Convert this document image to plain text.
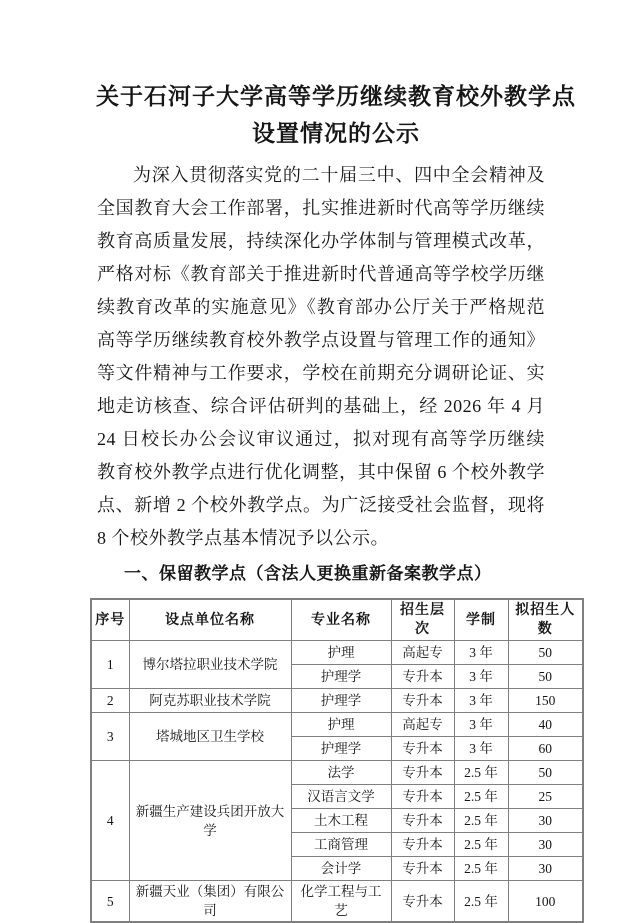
关于石河子大学高等学历继续教育校外教学点
设置情况的公示

为深入贯彻落实党的二十届三中、四中全会精神及全国教育大会工作部署，扎实推进新时代高等学历继续教育高质量发展，持续深化办学体制与管理模式改革，严格对标《教育部关于推进新时代普通高等学校学历继续教育改革的实施意见》《教育部办公厅关于严格规范高等学历继续教育校外教学点设置与管理工作的通知》等文件精神与工作要求，学校在前期充分调研论证、实地走访核查、综合评估研判的基础上，经 2026 年 4 月 24 日校长办公会议审议通过，拟对现有高等学历继续教育校外教学点进行优化调整，其中保留 6 个校外教学点、新增 2 个校外教学点。为广泛接受社会监督，现将 8 个校外教学点基本情况予以公示。

一、保留教学点（含法人更换重新备案教学点）
序号	设点单位名称	专业名称	招生层次	学制	拟招生人数
1	博尔塔拉职业技术学院	护理	高起专	3 年	50
		护理学	专升本	3 年	50
2	阿克苏职业技术学院	护理学	专升本	3 年	150
3	塔城地区卫生学校	护理	高起专	3 年	40
		护理学	专升本	3 年	60
4	新疆生产建设兵团开放大学	法学	专升本	2.5 年	50
		汉语言文学	专升本	2.5 年	25
		土木工程	专升本	2.5 年	30
		工商管理	专升本	2.5 年	30
		会计学	专升本	2.5 年	30
5	新疆天业（集团）有限公司	化学工程与工艺	专升本	2.5 年	100
